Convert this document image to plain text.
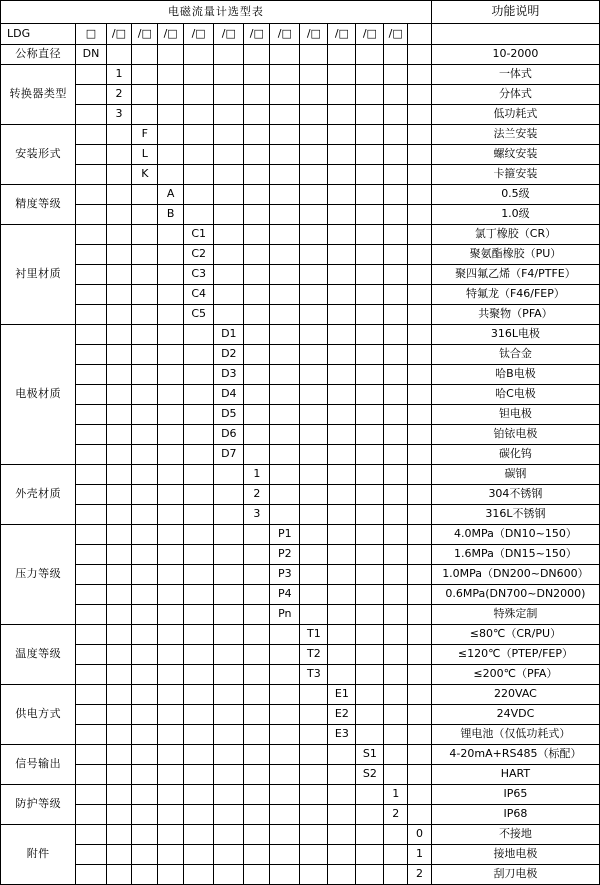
电磁流量计选型表														功能说明
LDG	□	/□	/□	/□	/□	/□	/□	/□	/□	/□	/□	/□		
公称直径	DN													10-2000
转换器类型		1												一体式
		2												分体式
		3												低功耗式
安装形式			F											法兰安装
			L											螺纹安装
			K											卡箍安装
精度等级				A										0.5级
				B										1.0级
衬里材质					C1									氯丁橡胶（CR）
					C2									聚氨酯橡胶（PU）
					C3									聚四氟乙烯（F4/PTFE）
					C4									特氟龙（F46/FEP）
					C5									共聚物（PFA）
电极材质						D1								316L电极
						D2								钛合金
						D3								哈B电极
						D4								哈C电极
						D5								钽电极
						D6								铂铱电极
						D7								碳化钨
外壳材质							1							碳钢
							2							304不锈钢
							3							316L不锈钢
压力等级								P1						4.0MPa（DN10~150）
								P2						1.6MPa（DN15~150）
								P3						1.0MPa（DN200~DN600）
								P4						0.6MPa(DN700~DN2000)
								Pn						特殊定制
温度等级									T1					≤80℃（CR/PU）
									T2					≤120℃（PTEP/FEP）
									T3					≤200℃（PFA）
供电方式										E1				220VAC
										E2				24VDC
										E3				锂电池（仅低功耗式）
信号输出											S1			4-20mA+RS485（标配）
											S2			HART
防护等级												1		IP65
												2		IP68
附件													0	不接地
													1	接地电极
													2	刮刀电极
